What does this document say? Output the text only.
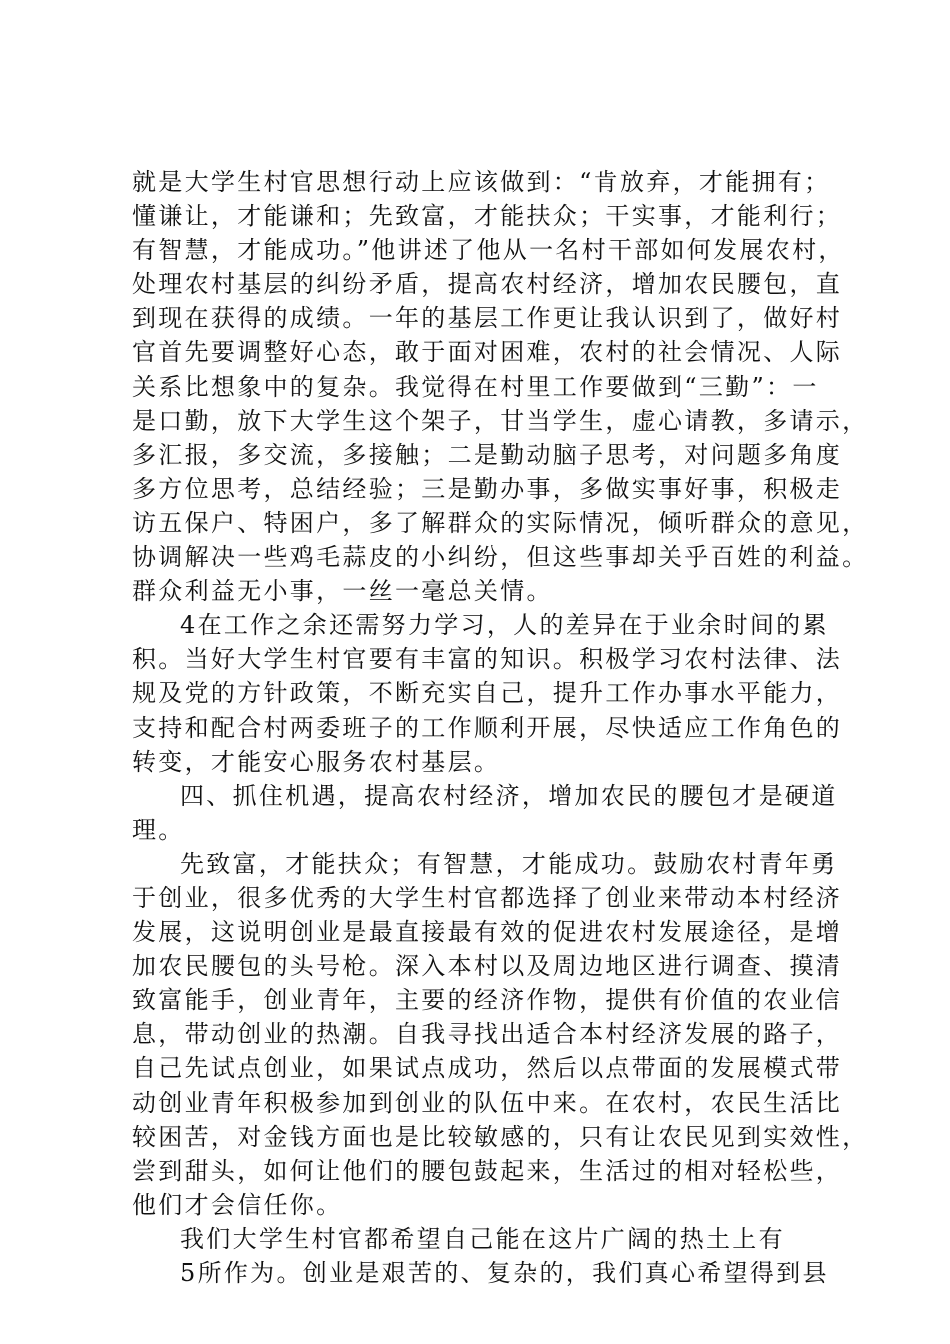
就是大学生村官思想行动上应该做到：“肯放弃，才能拥有；
懂谦让，才能谦和；先致富，才能扶众；干实事，才能利行；
有智慧，才能成功。”他讲述了他从一名村干部如何发展农村，
处理农村基层的纠纷矛盾，提高农村经济，增加农民腰包，直
到现在获得的成绩。一年的基层工作更让我认识到了，做好村
官首先要调整好心态，敢于面对困难，农村的社会情况、人际
关系比想象中的复杂。我觉得在村里工作要做到“三勤”：一
是口勤，放下大学生这个架子，甘当学生，虚心请教，多请示，
多汇报，多交流，多接触；二是勤动脑子思考，对问题多角度
多方位思考，总结经验；三是勤办事，多做实事好事，积极走
访五保户、特困户，多了解群众的实际情况，倾听群众的意见，
协调解决一些鸡毛蒜皮的小纠纷，但这些事却关乎百姓的利益。
群众利益无小事，一丝一毫总关情。
4在工作之余还需努力学习，人的差异在于业余时间的累
积。当好大学生村官要有丰富的知识。积极学习农村法律、法
规及党的方针政策，不断充实自己，提升工作办事水平能力，
支持和配合村两委班子的工作顺利开展，尽快适应工作角色的
转变，才能安心服务农村基层。
四、抓住机遇，提高农村经济，增加农民的腰包才是硬道
理。
先致富，才能扶众；有智慧，才能成功。鼓励农村青年勇
于创业，很多优秀的大学生村官都选择了创业来带动本村经济
发展，这说明创业是最直接最有效的促进农村发展途径，是增
加农民腰包的头号枪。深入本村以及周边地区进行调查、摸清
致富能手，创业青年，主要的经济作物，提供有价值的农业信
息，带动创业的热潮。自我寻找出适合本村经济发展的路子，
自己先试点创业，如果试点成功，然后以点带面的发展模式带
动创业青年积极参加到创业的队伍中来。在农村，农民生活比
较困苦，对金钱方面也是比较敏感的，只有让农民见到实效性，
尝到甜头，如何让他们的腰包鼓起来，生活过的相对轻松些，
他们才会信任你。
我们大学生村官都希望自己能在这片广阔的热土上有
5所作为。创业是艰苦的、复杂的，我们真心希望得到县
